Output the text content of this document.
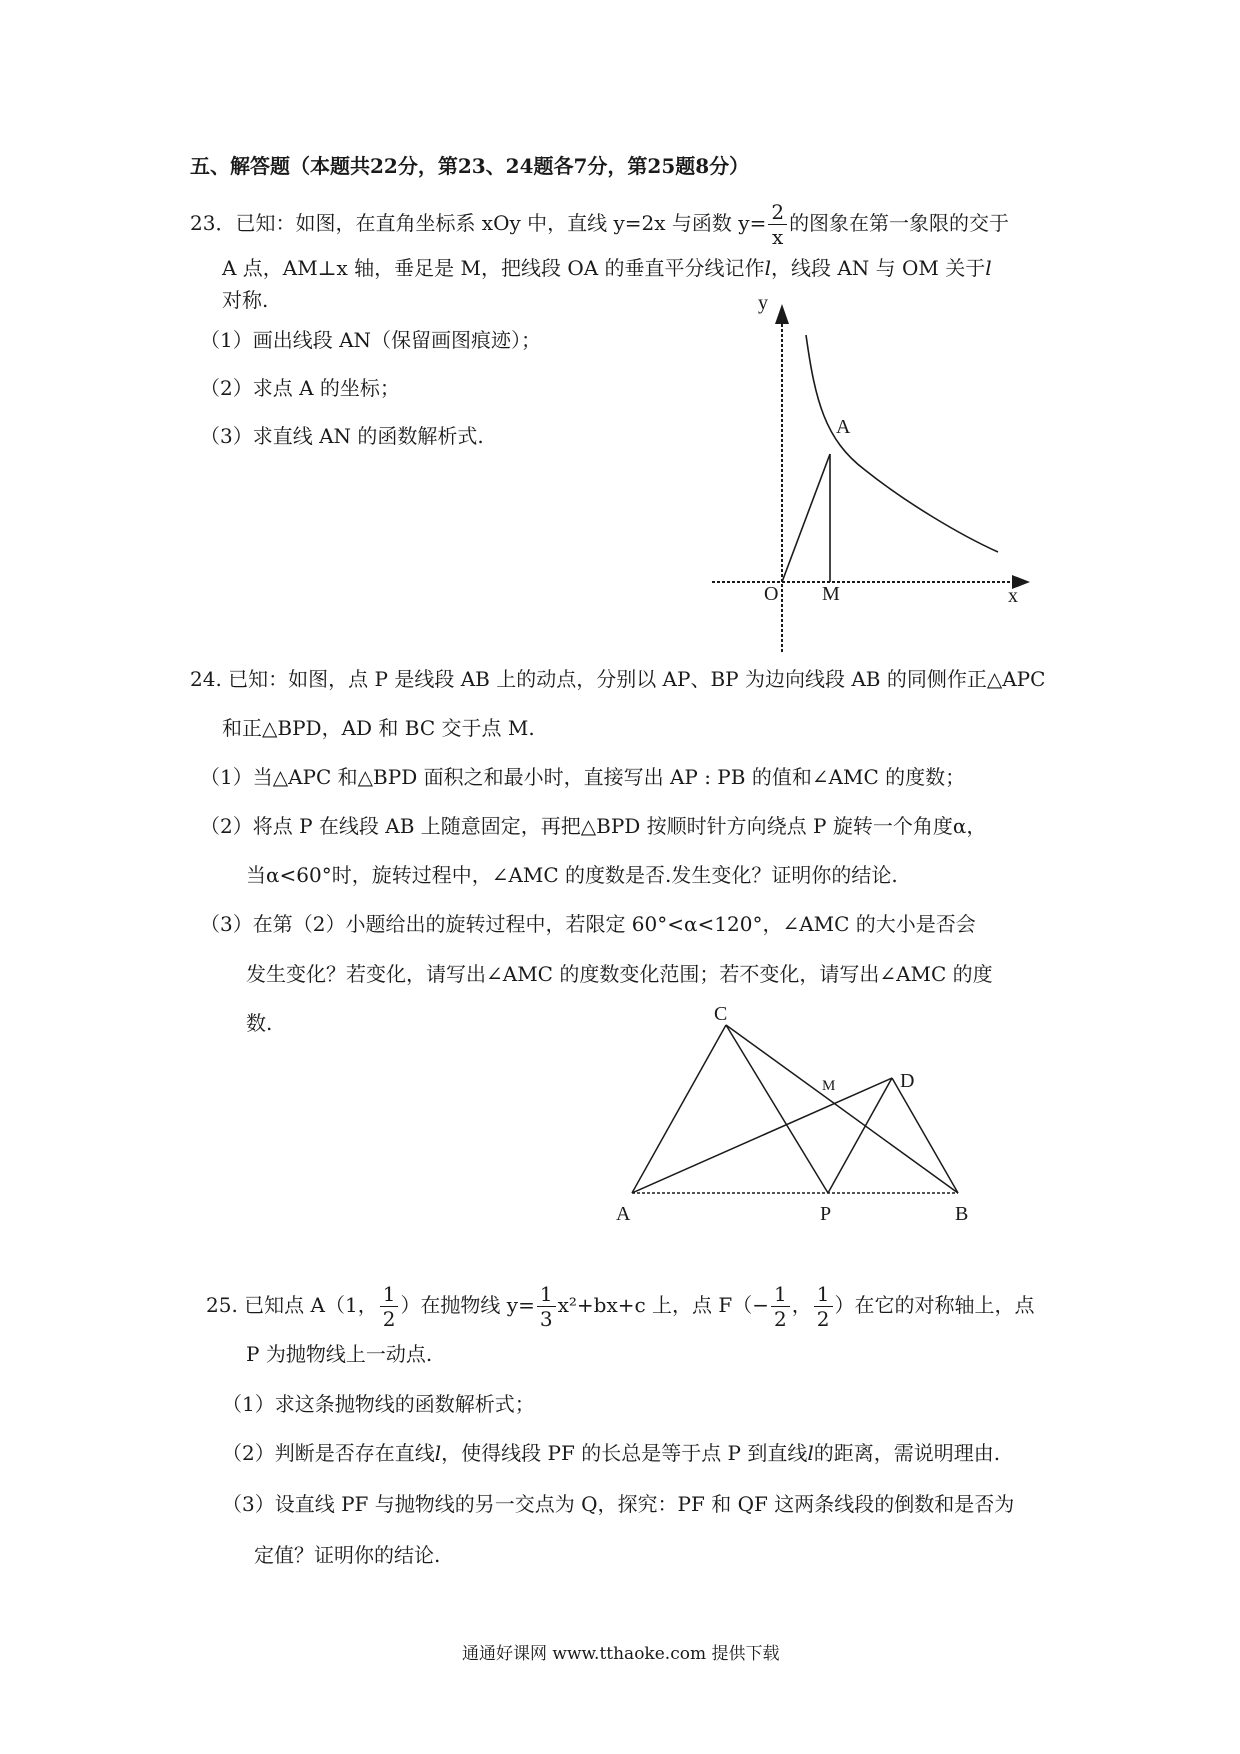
五、解答题（本题共22分，第23、24题各7分，第25题8分）
23．已知：如图，在直角坐标系 xOy 中，直线 y=2x 与函数 $y= \frac{2}{x}$ 的图象在第一象限的交于
A 点，AM⊥x 轴，垂足是 M，把线段 OA 的垂直平分线记作l，线段 AN 与 OM 关于l
对称.
（1）画出线段 AN（保留画图痕迹）；
（2）求点 A 的坐标；
（3）求直线 AN 的函数解析式.	A
y
O M	x
24. 已知：如图，点 P 是线段 AB 上的动点，分别以 AP、BP 为边向线段 AB 的同侧作正△APC
和正△BPD，AD 和 BC 交于点 M.
（1）当△APC 和△BPD 面积之和最小时，直接写出 AP : PB 的值和∠AMC 的度数；
（2）将点 P 在线段 AB 上随意固定，再把△BPD 按顺时针方向绕点 P 旋转一个角度α，
当α<60°时，旋转过程中，∠AMC 的度数是否.发生变化？证明你的结论.
（3）在第（2）小题给出的旋转过程中，若限定 60°<α<120°，∠AMC 的大小是否会
发生变化？若变化，请写出∠AMC 的度数变化范围；若不变化，请写出∠AMC 的度
数.	C
M	D
A	P	B
25. 已知点 A（1， $\frac{1}{2}$ ）在抛物线 $y= \frac{1}{3} x^2+bx+c$ 上，点 $F(- \frac{1}{2}$ ， $\frac{1}{2}$ ）在它的对称轴上，点
P 为抛物线上一动点.
（1）求这条抛物线的函数解析式；
（2）判断是否存在直线l，使得线段 PF 的长总是等于点 P 到直线l的距离，需说明理由.
（3）设直线 PF 与抛物线的另一交点为 Q，探究：PF 和 QF 这两条线段的倒数和是否为
定值？证明你的结论.
通通好课网 www.tthaoke.com 提供下载
